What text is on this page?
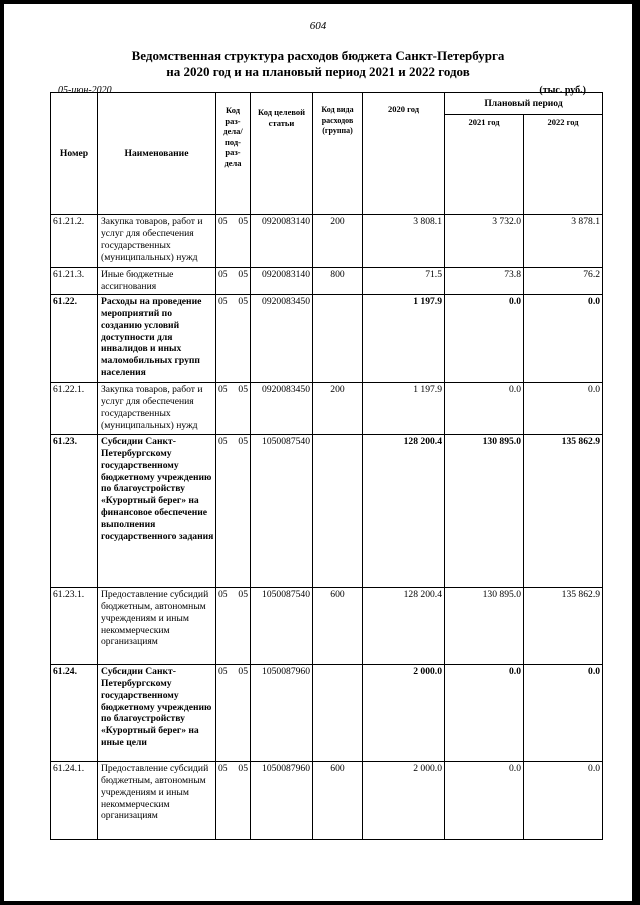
604
Ведомственная структура расходов бюджета Санкт-Петербурга
на 2020 год и на плановый период 2021 и 2022 годов
05-июн-2020	(тыс. руб.)
Номер	Наименование	Код раз-дела/ под-раз-дела	Код целевой статьи	Код вида расходов (группа)	2020 год	Плановый период	
						2021 год	2022 год
61.21.2.	Закупка товаров, работ и услуг для обеспечения государственных (муниципальных) нужд	05 05	0920083140	200	3 808.1	3 732.0	3 878.1
61.21.3.	Иные бюджетные ассигнования	05 05	0920083140	800	71.5	73.8	76.2
61.22.	Расходы на проведение мероприятий по созданию условий доступности для инвалидов и иных маломобильных групп населения	05 05	0920083450		1 197.9	0.0	0.0
61.22.1.	Закупка товаров, работ и услуг для обеспечения государственных (муниципальных) нужд	05 05	0920083450	200	1 197.9	0.0	0.0
61.23.	Субсидии Санкт-Петербургскому государственному бюджетному учреждению по благоустройству «Курортный берег» на финансовое обеспечение выполнения государственного задания	05 05	1050087540		128 200.4	130 895.0	135 862.9
61.23.1.	Предоставление субсидий бюджетным, автономным учреждениям и иным некоммерческим организациям	05 05	1050087540	600	128 200.4	130 895.0	135 862.9
61.24.	Субсидии Санкт-Петербургскому государственному бюджетному учреждению по благоустройству «Курортный берег» на иные цели	05 05	1050087960		2 000.0	0.0	0.0
61.24.1.	Предоставление субсидий бюджетным, автономным учреждениям и иным некоммерческим организациям	05 05	1050087960	600	2 000.0	0.0	0.0
